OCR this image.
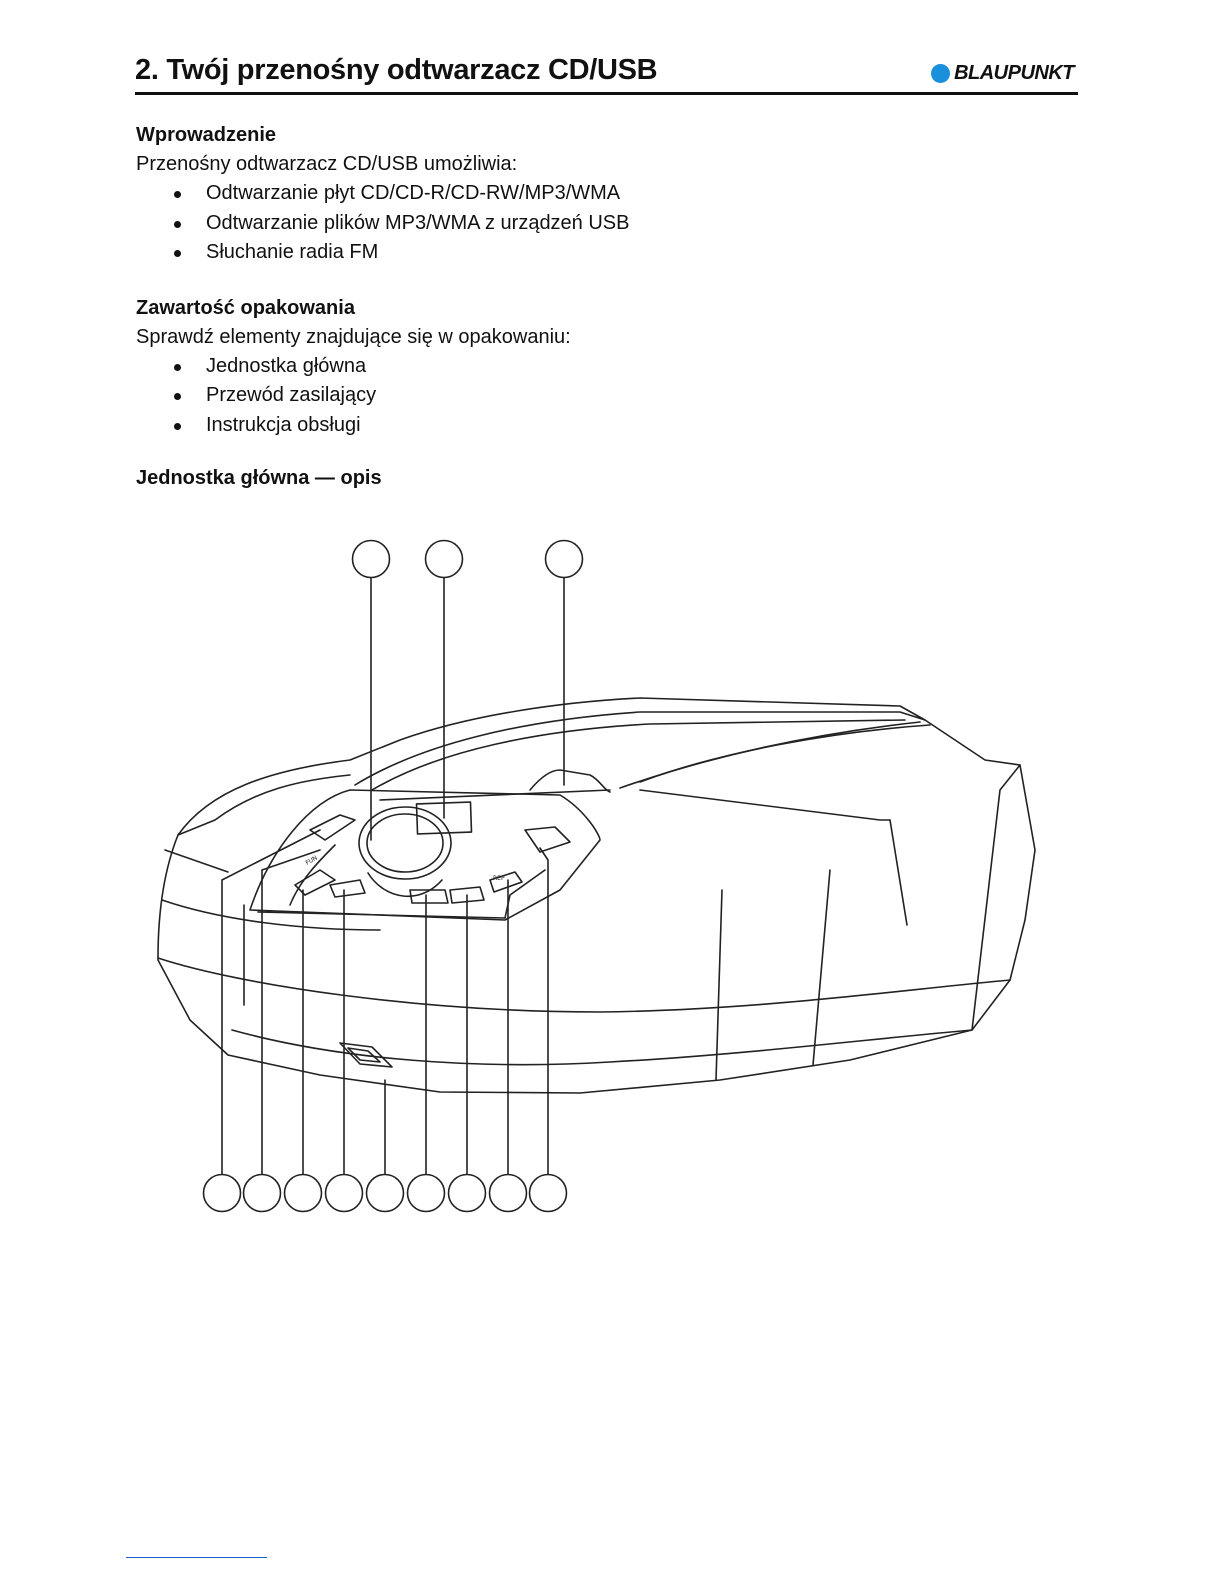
2. Twój przenośny odtwarzacz CD/USB	BLAUPUNKT

Wprowadzenie

Przenośny odtwarzacz CD/USB umożliwia:

Odtwarzanie płyt CD/CD-R/CD-RW/MP3/WMA
Odtwarzanie plików MP3/WMA z urządzeń USB
Słuchanie radia FM

Zawartość opakowania

Sprawdź elementy znajdujące się w opakowaniu:

Jednostka główna
Przewód zasilający
Instrukcja obsługi

Jednostka główna — opis

FUN
REP
